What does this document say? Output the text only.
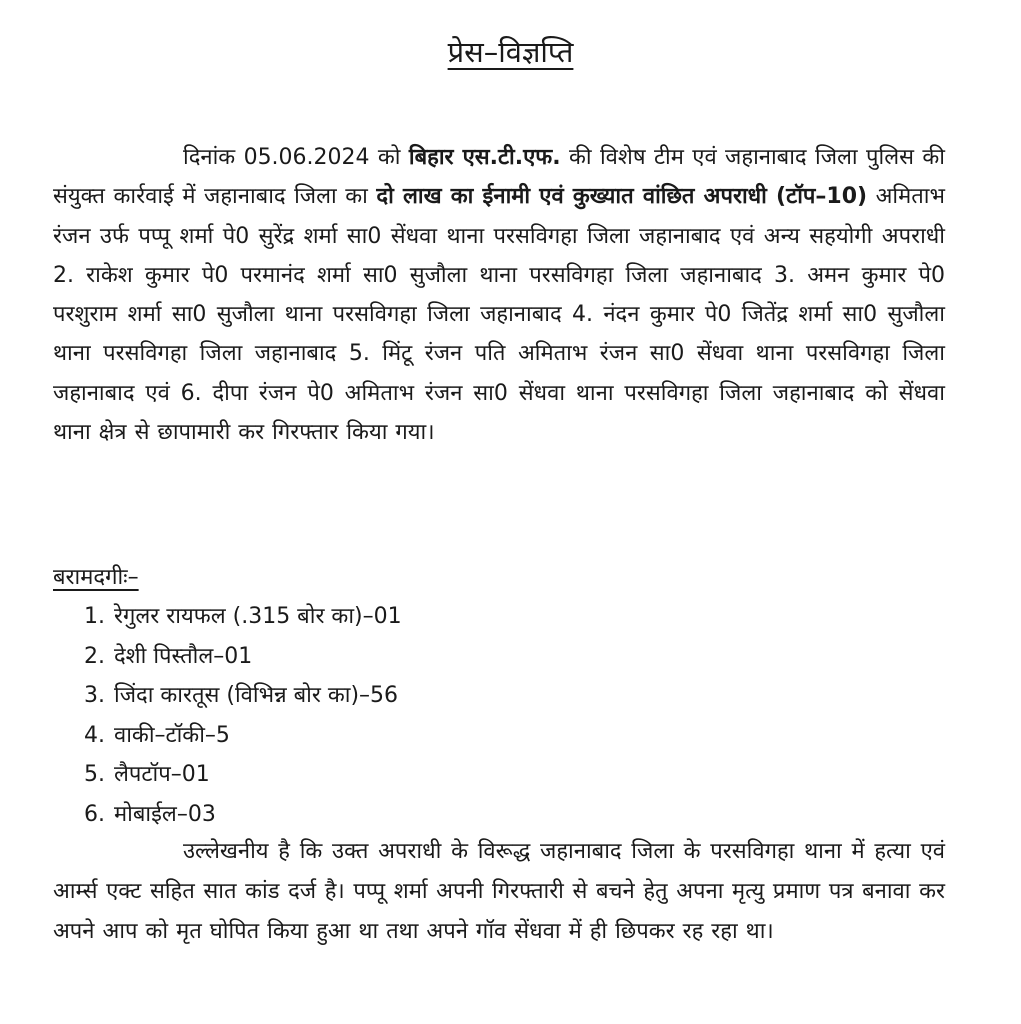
प्रेस–विज्ञप्ति

दिनांक 05.06.2024 को बिहार एस.टी.एफ. की विशेष टीम एवं जहानाबाद जिला पुलिस की संयुक्त कार्रवाई में जहानाबाद जिला का दो लाख का ईनामी एवं कुख्यात वांछित अपराधी (टॉप–10) अमिताभ रंजन उर्फ पप्पू शर्मा पे0 सुरेंद्र शर्मा सा0 सेंधवा थाना परसविगहा जिला जहानाबाद एवं अन्य सहयोगी अपराधी 2. राकेश कुमार पे0 परमानंद शर्मा सा0 सुजौला थाना परसविगहा जिला जहानाबाद 3. अमन कुमार पे0 परशुराम शर्मा सा0 सुजौला थाना परसविगहा जिला जहानाबाद 4. नंदन कुमार पे0 जितेंद्र शर्मा सा0 सुजौला थाना परसविगहा जिला जहानाबाद 5. मिंटू रंजन पति अमिताभ रंजन सा0 सेंधवा थाना परसविगहा जिला जहानाबाद एवं 6. दीपा रंजन पे0 अमिताभ रंजन सा0 सेंधवा थाना परसविगहा जिला जहानाबाद को सेंधवा थाना क्षेत्र से छापामारी कर गिरफ्तार किया गया।

बरामदगीः–
1. रेगुलर रायफल (.315 बोर का)–01
2. देशी पिस्तौल–01
3. जिंदा कारतूस (विभिन्न बोर का)–56
4. वाकी–टॉकी–5
5. लैपटॉप–01
6. मोबाईल–03

उल्लेखनीय है कि उक्त अपराधी के विरूद्ध जहानाबाद जिला के परसविगहा थाना में हत्या एवं आर्म्स एक्ट सहित सात कांड दर्ज है। पप्पू शर्मा अपनी गिरफ्तारी से बचने हेतु अपना मृत्यु प्रमाण पत्र बनावा कर अपने आप को मृत घोपित किया हुआ था तथा अपने गॉव सेंधवा में ही छिपकर रह रहा था।
